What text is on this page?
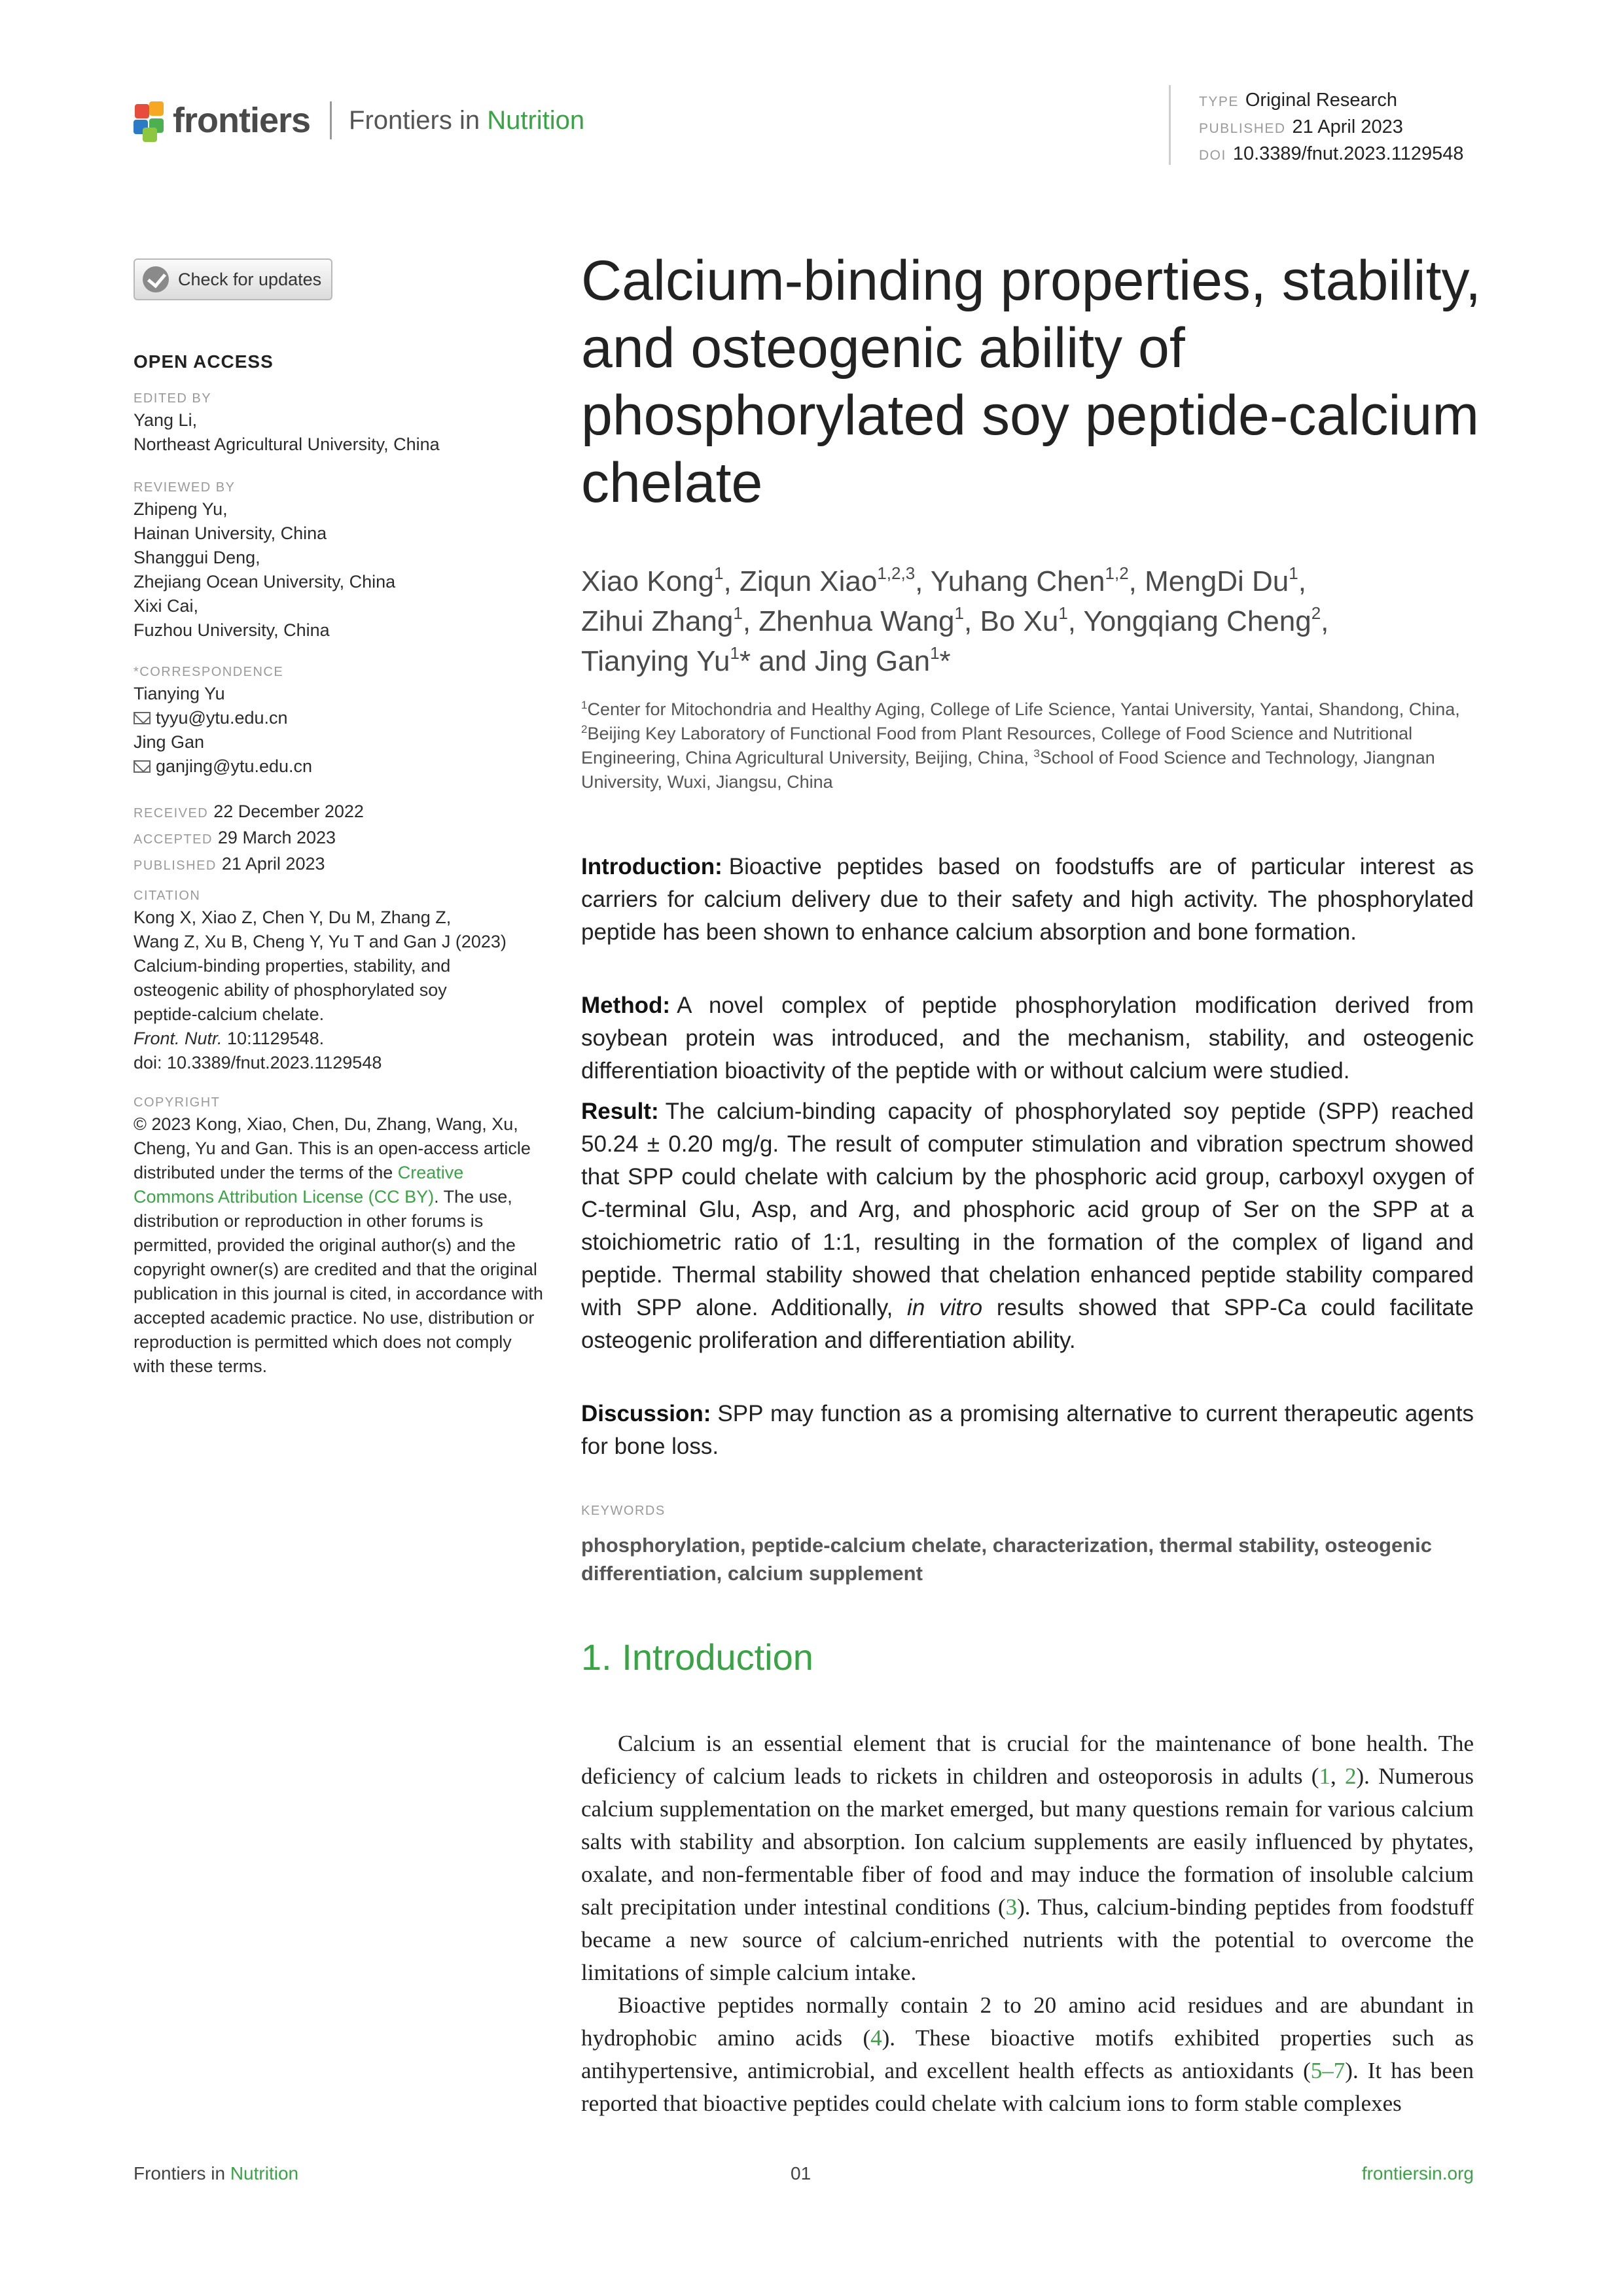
frontiers Frontiers in Nutrition
TYPE Original Research
PUBLISHED 21 April 2023
DOI 10.3389/fnut.2023.1129548
Check for updates
OPEN ACCESS
EDITED BY
Yang Li,
Northeast Agricultural University, China
REVIEWED BY
Zhipeng Yu,
Hainan University, China
Shanggui Deng,
Zhejiang Ocean University, China
Xixi Cai,
Fuzhou University, China
*CORRESPONDENCE
Tianying Yu
tyyu@ytu.edu.cn
Jing Gan
ganjing@ytu.edu.cn
RECEIVED 22 December 2022
ACCEPTED 29 March 2023
PUBLISHED 21 April 2023
CITATION
Kong X, Xiao Z, Chen Y, Du M, Zhang Z,
Wang Z, Xu B, Cheng Y, Yu T and Gan J (2023)
Calcium-binding properties, stability, and
osteogenic ability of phosphorylated soy
peptide-calcium chelate.
Front. Nutr. 10:1129548.
doi: 10.3389/fnut.2023.1129548
COPYRIGHT
© 2023 Kong, Xiao, Chen, Du, Zhang, Wang, Xu, Cheng, Yu and Gan. This is an open-access article distributed under the terms of the Creative Commons Attribution License (CC BY). The use, distribution or reproduction in other forums is permitted, provided the original author(s) and the copyright owner(s) are credited and that the original publication in this journal is cited, in accordance with accepted academic practice. No use, distribution or reproduction is permitted which does not comply with these terms.
Calcium-binding properties, stability, and osteogenic ability of phosphorylated soy peptide-calcium chelate
Xiao Kong$^1$, Ziqun Xiao$^{1,2,3}$, Yuhang Chen$^{1,2}$, MengDi Du$^1$,
Zihui Zhang$^1$, Zhenhua Wang$^1$, Bo Xu$^1$, Yongqiang Cheng$^2$,
Tianying Yu$^1$* and Jing Gan$^1$*
$^1$Center for Mitochondria and Healthy Aging, College of Life Science, Yantai University, Yantai, Shandong, China, $^2$Beijing Key Laboratory of Functional Food from Plant Resources, College of Food Science and Nutritional Engineering, China Agricultural University, Beijing, China, $^3$School of Food Science and Technology, Jiangnan University, Wuxi, Jiangsu, China

Introduction: Bioactive peptides based on foodstuffs are of particular interest as carriers for calcium delivery due to their safety and high activity. The phosphorylated peptide has been shown to enhance calcium absorption and bone formation.

Method: A novel complex of peptide phosphorylation modification derived from soybean protein was introduced, and the mechanism, stability, and osteogenic differentiation bioactivity of the peptide with or without calcium were studied.

Result: The calcium-binding capacity of phosphorylated soy peptide (SPP) reached 50.24 ± 0.20 mg/g. The result of computer stimulation and vibration spectrum showed that SPP could chelate with calcium by the phosphoric acid group, carboxyl oxygen of C-terminal Glu, Asp, and Arg, and phosphoric acid group of Ser on the SPP at a stoichiometric ratio of 1:1, resulting in the formation of the complex of ligand and peptide. Thermal stability showed that chelation enhanced peptide stability compared with SPP alone. Additionally, in vitro results showed that SPP-Ca could facilitate osteogenic proliferation and differentiation ability.

Discussion: SPP may function as a promising alternative to current therapeutic agents for bone loss.

KEYWORDS
phosphorylation, peptide-calcium chelate, characterization, thermal stability, osteogenic differentiation, calcium supplement
1. Introduction

Calcium is an essential element that is crucial for the maintenance of bone health. The deficiency of calcium leads to rickets in children and osteoporosis in adults (1, 2). Numerous calcium supplementation on the market emerged, but many questions remain for various calcium salts with stability and absorption. Ion calcium supplements are easily influenced by phytates, oxalate, and non-fermentable fiber of food and may induce the formation of insoluble calcium salt precipitation under intestinal conditions (3). Thus, calcium-binding peptides from foodstuff became a new source of calcium-enriched nutrients with the potential to overcome the limitations of simple calcium intake.

Bioactive peptides normally contain 2 to 20 amino acid residues and are abundant in hydrophobic amino acids (4). These bioactive motifs exhibited properties such as antihypertensive, antimicrobial, and excellent health effects as antioxidants (5–7). It has been reported that bioactive peptides could chelate with calcium ions to form stable complexes

Frontiers in Nutrition	01	frontiersin.org
